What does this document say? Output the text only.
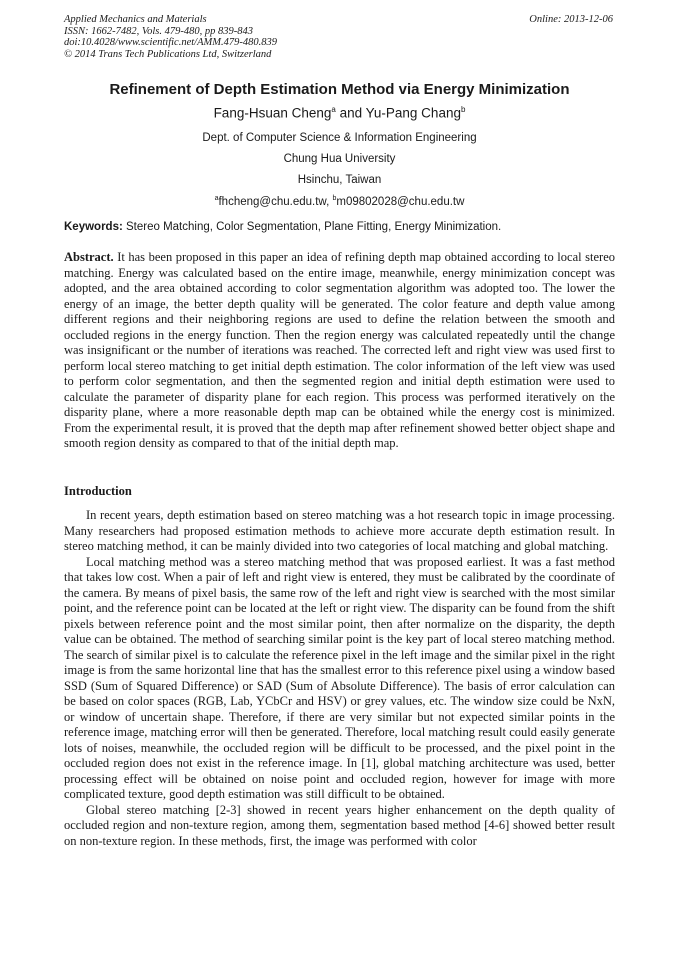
Applied Mechanics and Materials
ISSN: 1662-7482, Vols. 479-480, pp 839-843
doi:10.4028/www.scientific.net/AMM.479-480.839
© 2014 Trans Tech Publications Ltd, Switzerland
Online: 2013-12-06
Refinement of Depth Estimation Method via Energy Minimization
Fang-Hsuan Cheng$^a$ and Yu-Pang Chang$^b$
Dept. of Computer Science & Information Engineering
Chung Hua University
Hsinchu, Taiwan
$^a$fhcheng@chu.edu.tw, $^b$m09802028@chu.edu.tw
Keywords: Stereo Matching, Color Segmentation, Plane Fitting, Energy Minimization.
Abstract. It has been proposed in this paper an idea of refining depth map obtained according to local stereo matching. Energy was calculated based on the entire image, meanwhile, energy minimization concept was adopted, and the area obtained according to color segmentation algorithm was adopted too. The lower the energy of an image, the better depth quality will be generated. The color feature and depth value among different regions and their neighboring regions are used to define the relation between the smooth and occluded regions in the energy function. Then the region energy was calculated repeatedly until the change was insignificant or the number of iterations was reached. The corrected left and right view was used first to perform local stereo matching to get initial depth estimation. The color information of the left view was used to perform color segmentation, and then the segmented region and initial depth estimation were used to calculate the parameter of disparity plane for each region. This process was performed iteratively on the disparity plane, where a more reasonable depth map can be obtained while the energy cost is minimized. From the experimental result, it is proved that the depth map after refinement showed better object shape and smooth region density as compared to that of the initial depth map.
Introduction

In recent years, depth estimation based on stereo matching was a hot research topic in image processing. Many researchers had proposed estimation methods to achieve more accurate depth estimation result. In stereo matching method, it can be mainly divided into two categories of local matching and global matching.

Local matching method was a stereo matching method that was proposed earliest. It was a fast method that takes low cost. When a pair of left and right view is entered, they must be calibrated by the coordinate of the camera. By means of pixel basis, the same row of the left and right view is searched with the most similar point, and the reference point can be located at the left or right view. The disparity can be found from the shift pixels between reference point and the most similar point, then after normalize on the disparity, the depth value can be obtained. The method of searching similar point is the key part of local stereo matching method. The search of similar pixel is to calculate the reference pixel in the left image and the similar pixel in the right image is from the same horizontal line that has the smallest error to this reference pixel using a window based SSD (Sum of Squared Difference) or SAD (Sum of Absolute Difference). The basis of error calculation can be based on color spaces (RGB, Lab, YCbCr and HSV) or grey values, etc. The window size could be NxN, or window of uncertain shape. Therefore, if there are very similar but not expected similar points in the reference image, matching error will then be generated. Therefore, local matching result could easily generate lots of noises, meanwhile, the occluded region will be difficult to be processed, and the pixel point in the occluded region does not exist in the reference image. In [1], global matching architecture was used, better processing effect will be obtained on noise point and occluded region, however for image with more complicated texture, good depth estimation was still difficult to be obtained.

Global stereo matching [2-3] showed in recent years higher enhancement on the depth quality of occluded region and non-texture region, among them, segmentation based method [4-6] showed better result on non-texture region. In these methods, first, the image was performed with color
